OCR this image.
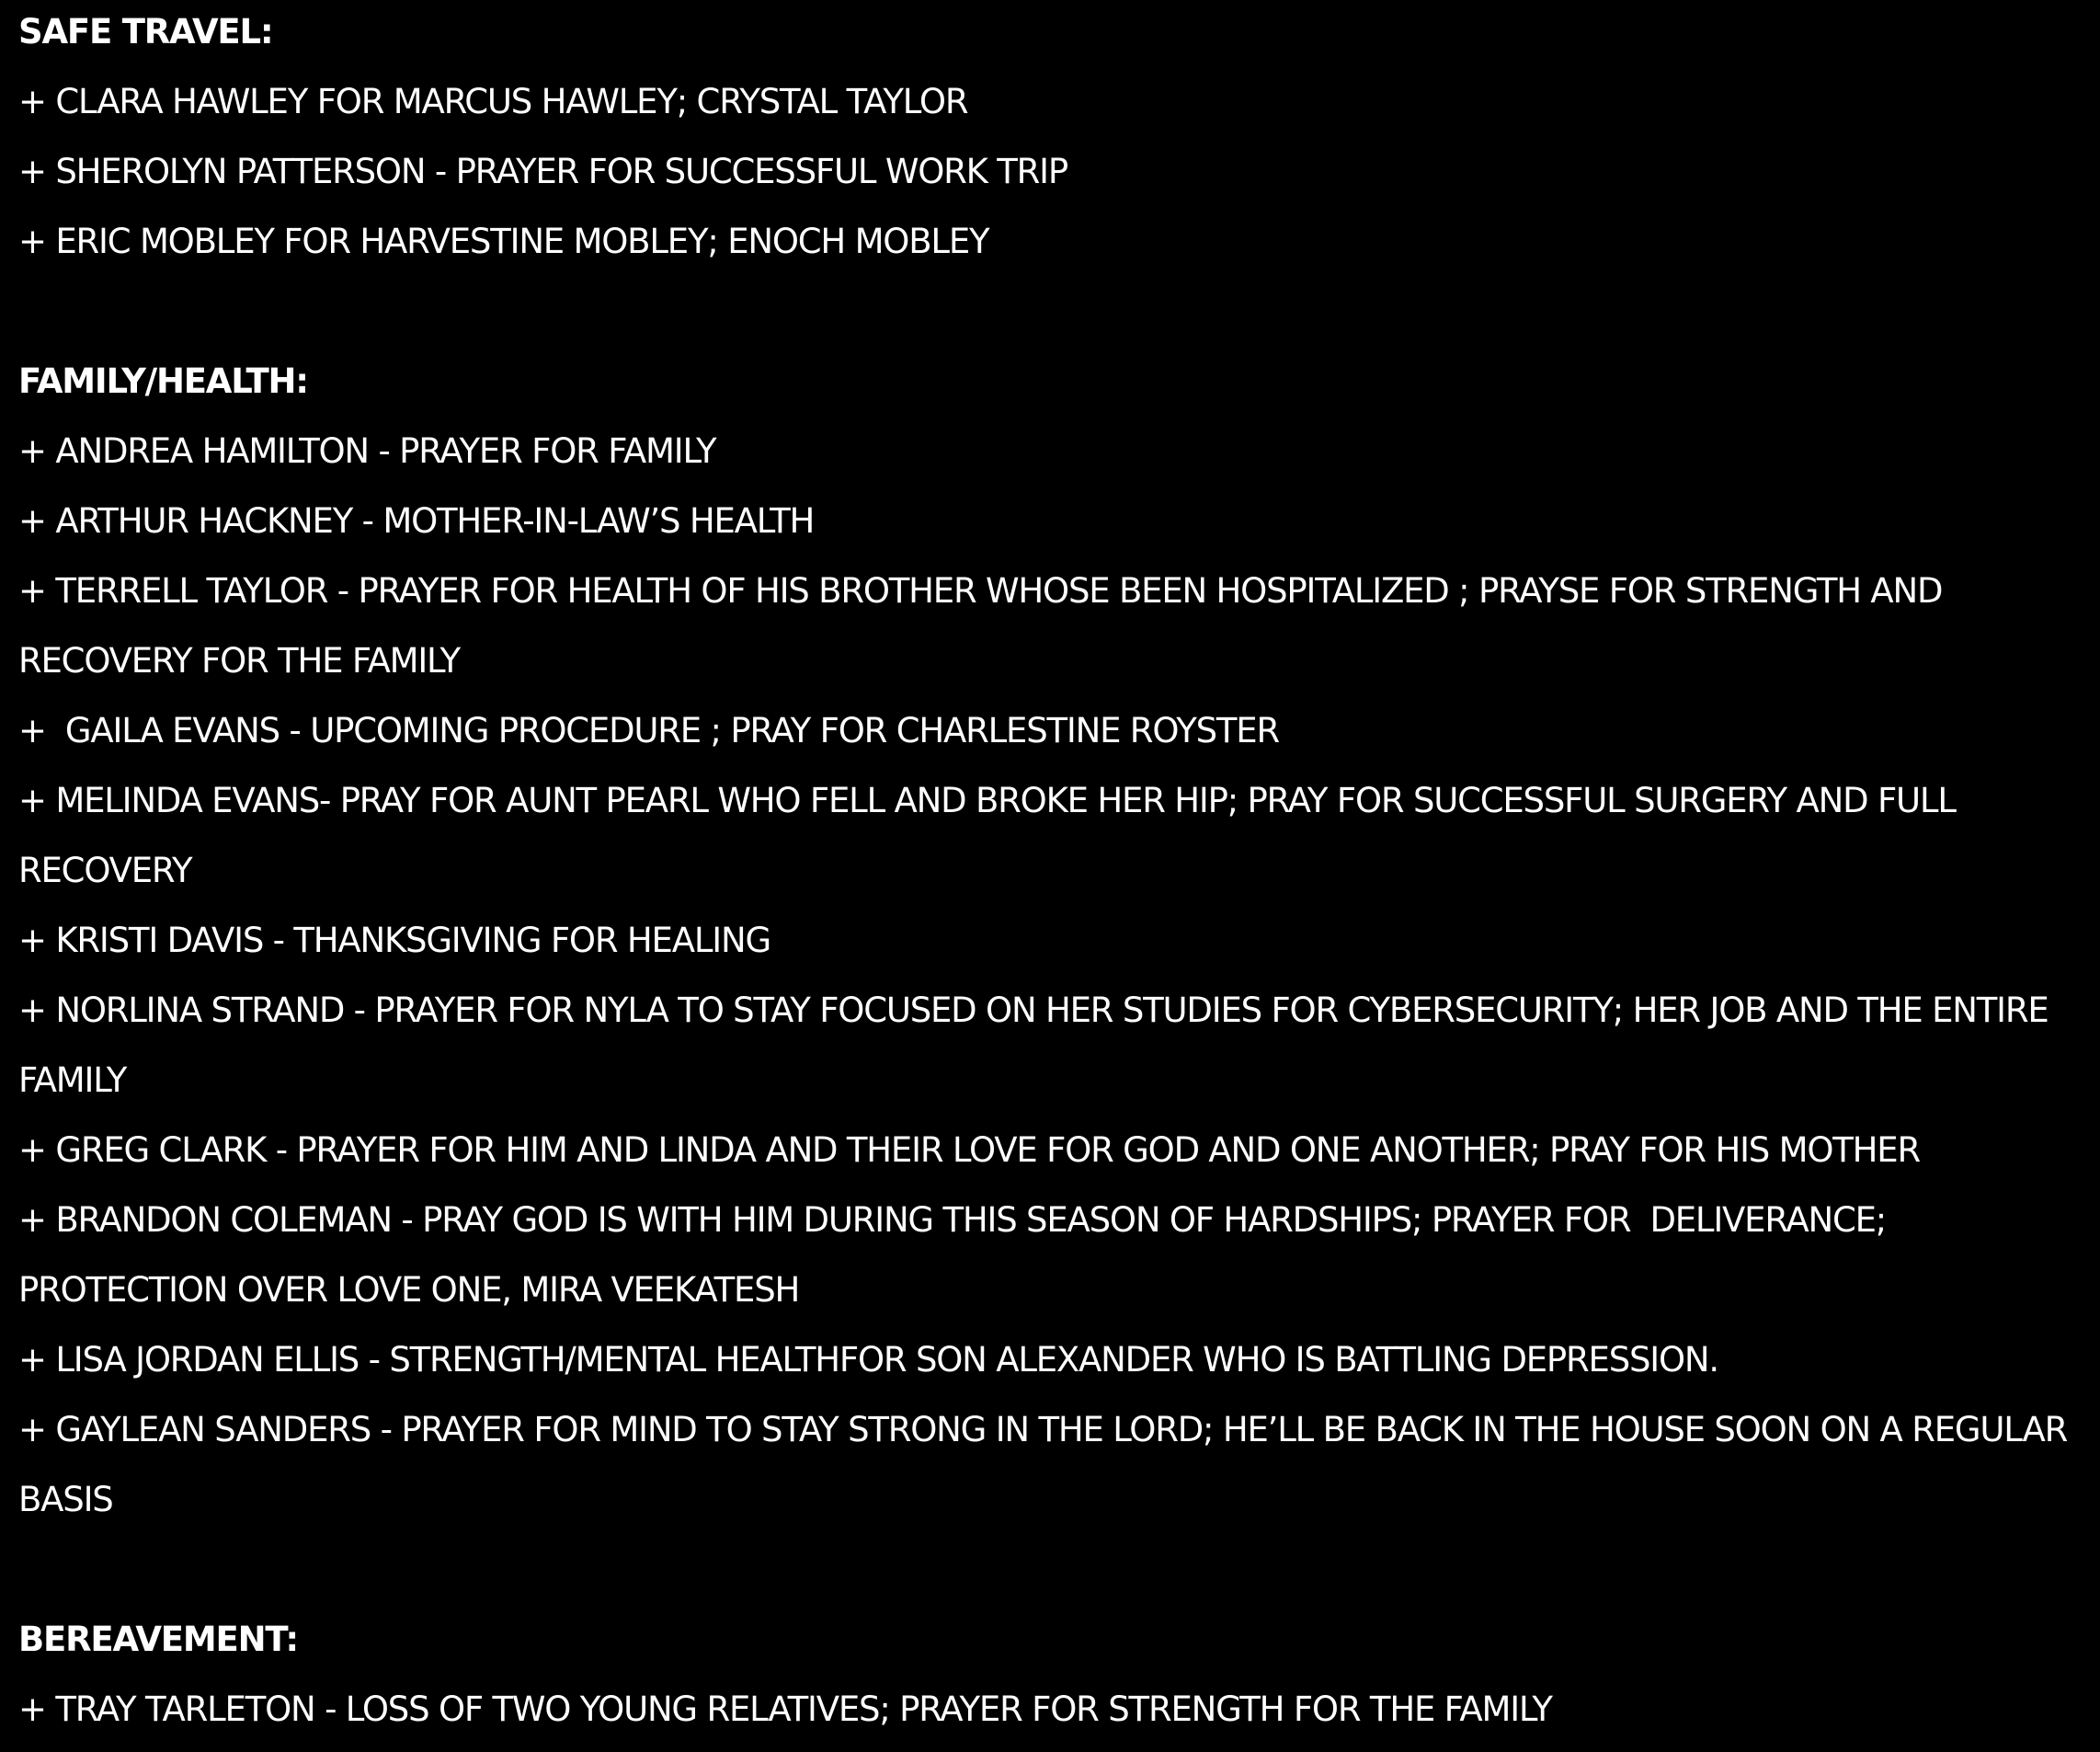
SAFE TRAVEL:
+ CLARA HAWLEY FOR MARCUS HAWLEY; CRYSTAL TAYLOR
+ SHEROLYN PATTERSON - PRAYER FOR SUCCESSFUL WORK TRIP
+ ERIC MOBLEY FOR HARVESTINE MOBLEY; ENOCH MOBLEY
FAMILY/HEALTH:
+ ANDREA HAMILTON - PRAYER FOR FAMILY
+ ARTHUR HACKNEY - MOTHER-IN-LAW’S HEALTH
+ TERRELL TAYLOR - PRAYER FOR HEALTH OF HIS BROTHER WHOSE BEEN HOSPITALIZED ; PRAYSE FOR STRENGTH AND RECOVERY FOR THE FAMILY
+  GAILA EVANS - UPCOMING PROCEDURE ; PRAY FOR CHARLESTINE ROYSTER
+ MELINDA EVANS- PRAY FOR AUNT PEARL WHO FELL AND BROKE HER HIP; PRAY FOR SUCCESSFUL SURGERY AND FULL RECOVERY
+ KRISTI DAVIS - THANKSGIVING FOR HEALING
+ NORLINA STRAND - PRAYER FOR NYLA TO STAY FOCUSED ON HER STUDIES FOR CYBERSECURITY; HER JOB AND THE ENTIRE FAMILY
+ GREG CLARK - PRAYER FOR HIM AND LINDA AND THEIR LOVE FOR GOD AND ONE ANOTHER; PRAY FOR HIS MOTHER
+ BRANDON COLEMAN - PRAY GOD IS WITH HIM DURING THIS SEASON OF HARDSHIPS; PRAYER FOR  DELIVERANCE; PROTECTION OVER LOVE ONE, MIRA VEEKATESH
+ LISA JORDAN ELLIS - STRENGTH/MENTAL HEALTHFOR SON ALEXANDER WHO IS BATTLING DEPRESSION.
+ GAYLEAN SANDERS - PRAYER FOR MIND TO STAY STRONG IN THE LORD; HE’LL BE BACK IN THE HOUSE SOON ON A REGULAR BASIS
BEREAVEMENT:
+ TRAY TARLETON - LOSS OF TWO YOUNG RELATIVES; PRAYER FOR STRENGTH FOR THE FAMILY
